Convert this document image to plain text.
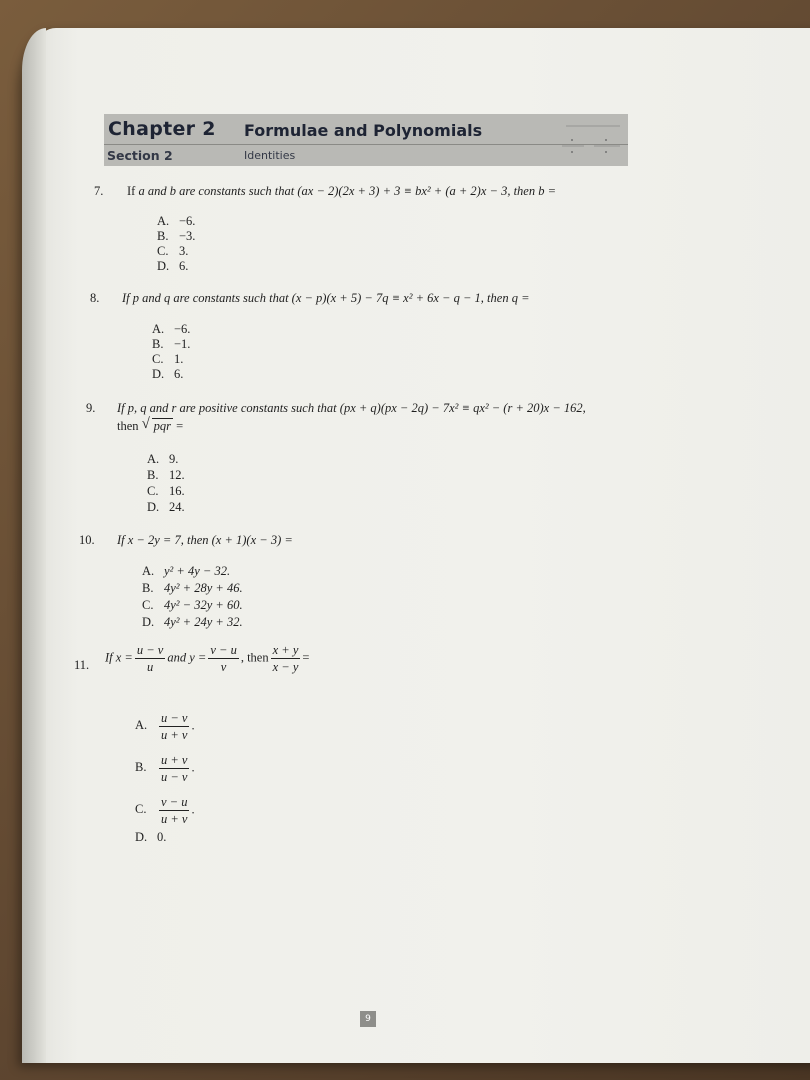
Chapter 2 Formulae and Polynomials
Section 2	Identities
7. If a and b are constants such that (ax − 2)(2x + 3) + 3 ≡ bx² + (a + 2)x − 3, then b =
A. −6.
B. −3.
C. 3.
D. 6.
8. If p and q are constants such that (x − p)(x + 5) − 7q ≡ x² + 6x − q − 1, then q =
A. −6.
B. −1.
C. 1.
D. 6.
9. If p, q and r are positive constants such that (px + q)(px − 2q) − 7x² ≡ qx² − (r + 20)x − 162,
then √ pqr =
A. 9.
B. 12.
C. 16.
D. 24.
10. If x − 2y = 7, then (x + 1)(x − 3) =
A. y² + 4y − 32.
B. 4y² + 28y + 46.
C. 4y² − 32y + 60.
D. 4y² + 24y + 32.
11.
If $x = \frac{u - v}{u}$ and $y = \frac{v - u}{v}$ , then $\frac{x + y}{x - y}$ =
A. $\frac{u - v}{u + v}$ .
B. $\frac{u + v}{u - v}$ .
C. $\frac{v - u}{u + v}$ .
D. 0.
9
